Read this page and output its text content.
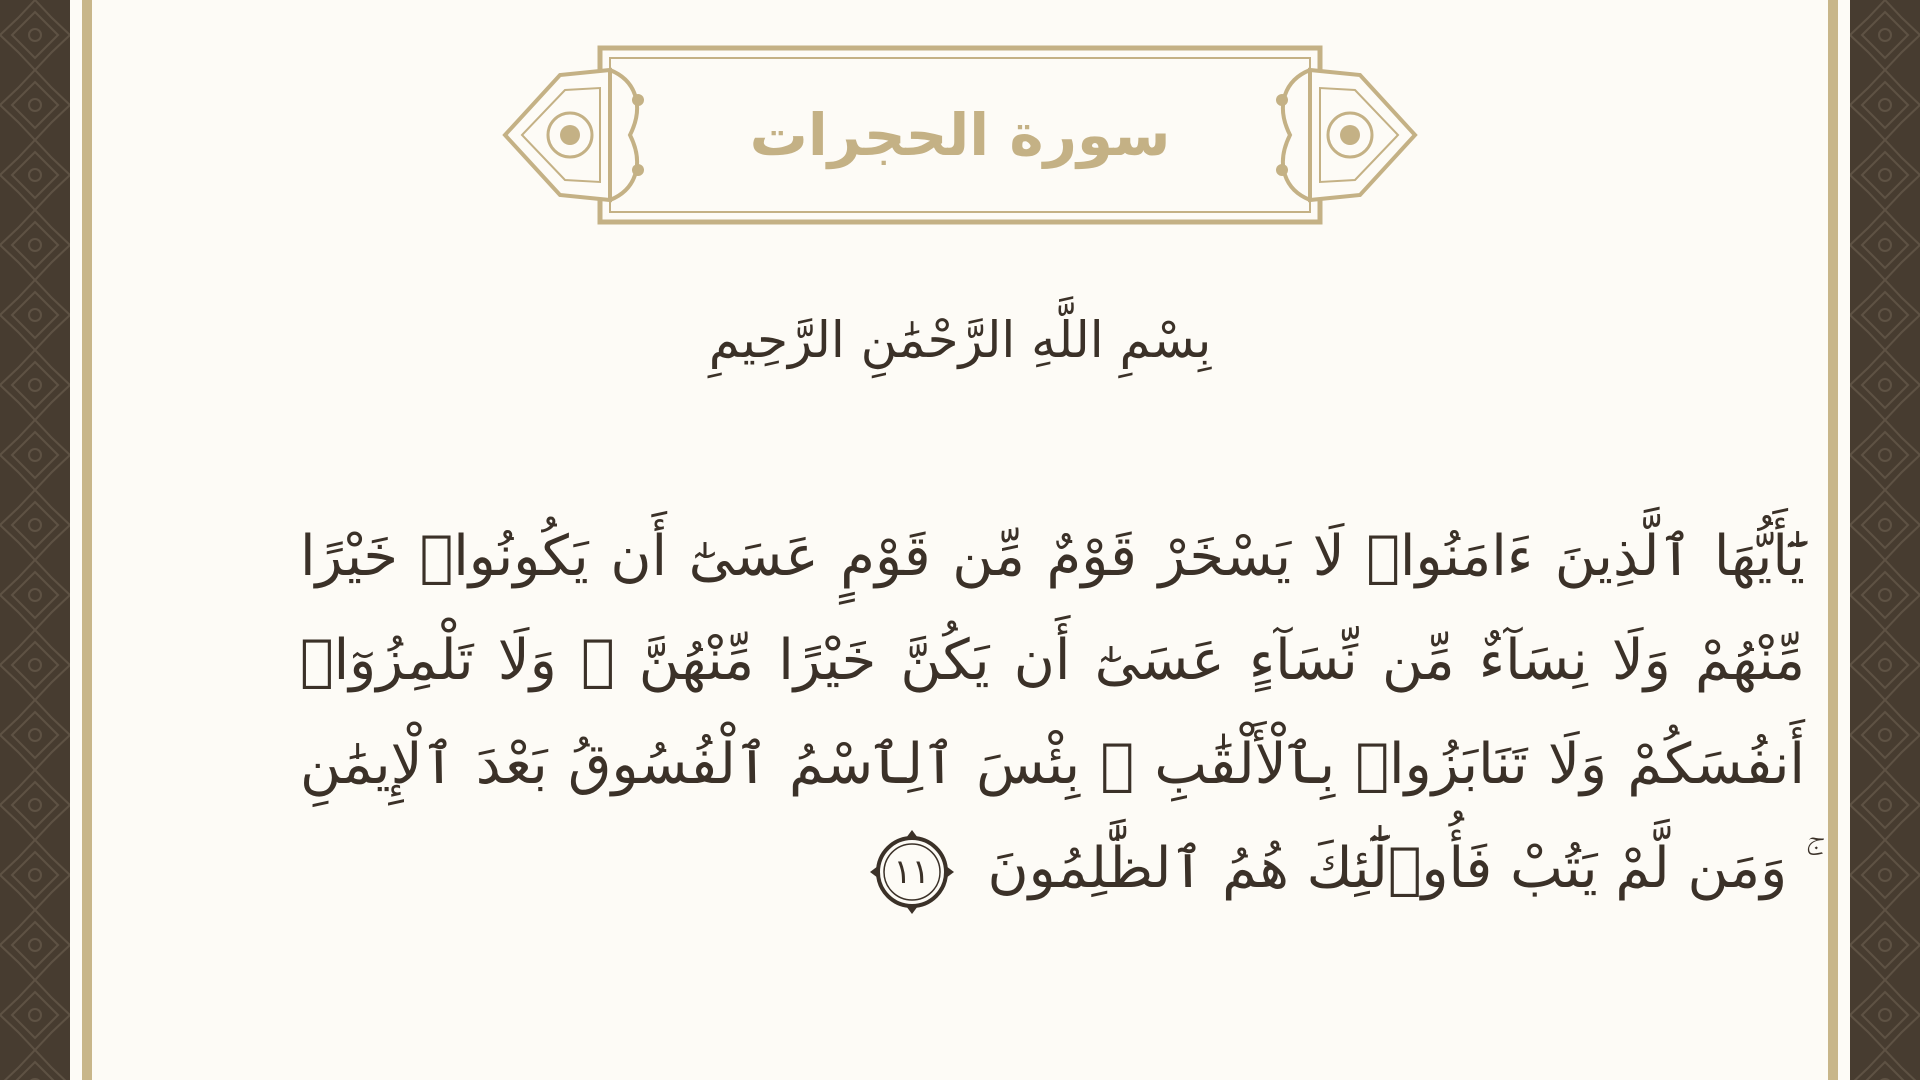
سورة الحجرات
بِسْمِ اللَّهِ الرَّحْمَٰنِ الرَّحِيمِ
يَٰٓأَيُّهَا ٱلَّذِينَ ءَامَنُوا۟ لَا يَسْخَرْ قَوْمٌ مِّن قَوْمٍ عَسَىٰٓ أَن يَكُونُوا۟ خَيْرًا مِّنْهُمْ وَلَا نِسَآءٌ مِّن نِّسَآءٍ عَسَىٰٓ أَن يَكُنَّ خَيْرًا مِّنْهُنَّ ۖ وَلَا تَلْمِزُوٓا۟ أَنفُسَكُمْ وَلَا تَنَابَزُوا۟ بِٱلْأَلْقَٰبِ ۖ بِئْسَ ٱلِٱسْمُ ٱلْفُسُوقُ بَعْدَ ٱلْإِيمَٰنِ ۚ وَمَن لَّمْ يَتُبْ فَأُو۟لَٰٓئِكَ هُمُ ٱلظَّٰلِمُونَ
١١
